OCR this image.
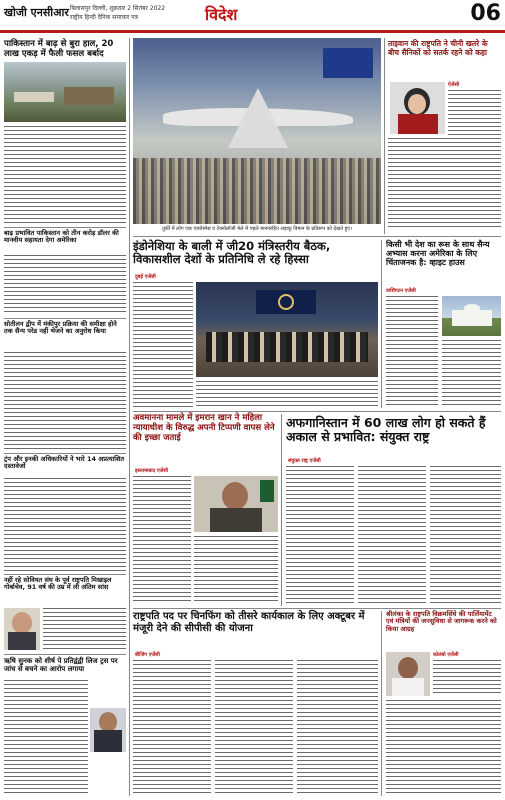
खोजी एनसीआर बिलासपुर दिल्ली, शुक्रवार 2 सितंबर 2022
राष्ट्रीय हिन्दी दैनिक समाचार पत्र	विदेश	06
पाकिस्तान में बाढ़ से बुरा हाल, 20 लाख एकड़ में फैली फसल बर्बाद
बाढ़ प्रभावित पाकिस्तान को तीन करोड़ डॉलर की मानवीय सहायता देगा अमेरिका
सोतीलन द्वीप में मंकीपुर प्रक्रिया की समीक्षा होने तक सैन्य परेड नहीं भेजने का अनुरोध किया
ट्रंप और इनकी अधिकारियों ने भारे 14 अप्रत्याशित दस्तावेजों
नहीं रहे सोवियत संघ के पूर्व राष्ट्रपति मिखाइल गोर्बाचेव, 91 वर्ष की उम्र में ली अंतिम सांस
ऋषि सुनक को शीर्ष पे प्रतिद्वंद्वी लिज ट्रस पर जांच से बचने का आरोप लगाया
तुर्की में लोग एक एयरोस्पेस व टेक्नोलॉजी मेले में पहले मानवरहित लड़ाकू विमान के प्रतिरूप को देखते हुए।
ताइवान की राष्ट्रपति ने चीनी खतरे के बीच सैनिकों को सतर्क रहने को कहा
ऐजेंसी
इंडोनेशिया के बाली में जी20 मंत्रिस्तरीय बैठक, विकासशील देशों के प्रतिनिधि ले रहे हिस्सा
दुबई एजेंसी
किसी भी देश का रूस के साथ सैन्य अभ्यास करना अमेरिका के लिए चिंताजनक है: व्हाइट हाउस
वाशिंगटन एजेंसी
अवमानना मामले में इमरान खान ने महिला न्यायाधीश के विरुद्ध अपनी टिप्पणी वापस लेने की इच्छा जताई
इस्लामाबाद एजेंसी
अफगानिस्तान में 60 लाख लोग हो सकते हैं अकाल से प्रभावित: संयुक्त राष्ट्र
संयुक्त राष्ट्र एजेंसी
राष्ट्रपति पद पर चिनफिंग को तीसरे कार्यकाल के लिए अक्टूबर में मंजूरी देने की सीपीसी की योजना
बीजिंग एजेंसी
श्रीलंका के राष्ट्रपति विक्रमसिंघे की पार्लियामेंट एवं मंत्रियों की जनसुविधा से जागरूक करने को किया आग्रह
कोलंबो एजेंसी
